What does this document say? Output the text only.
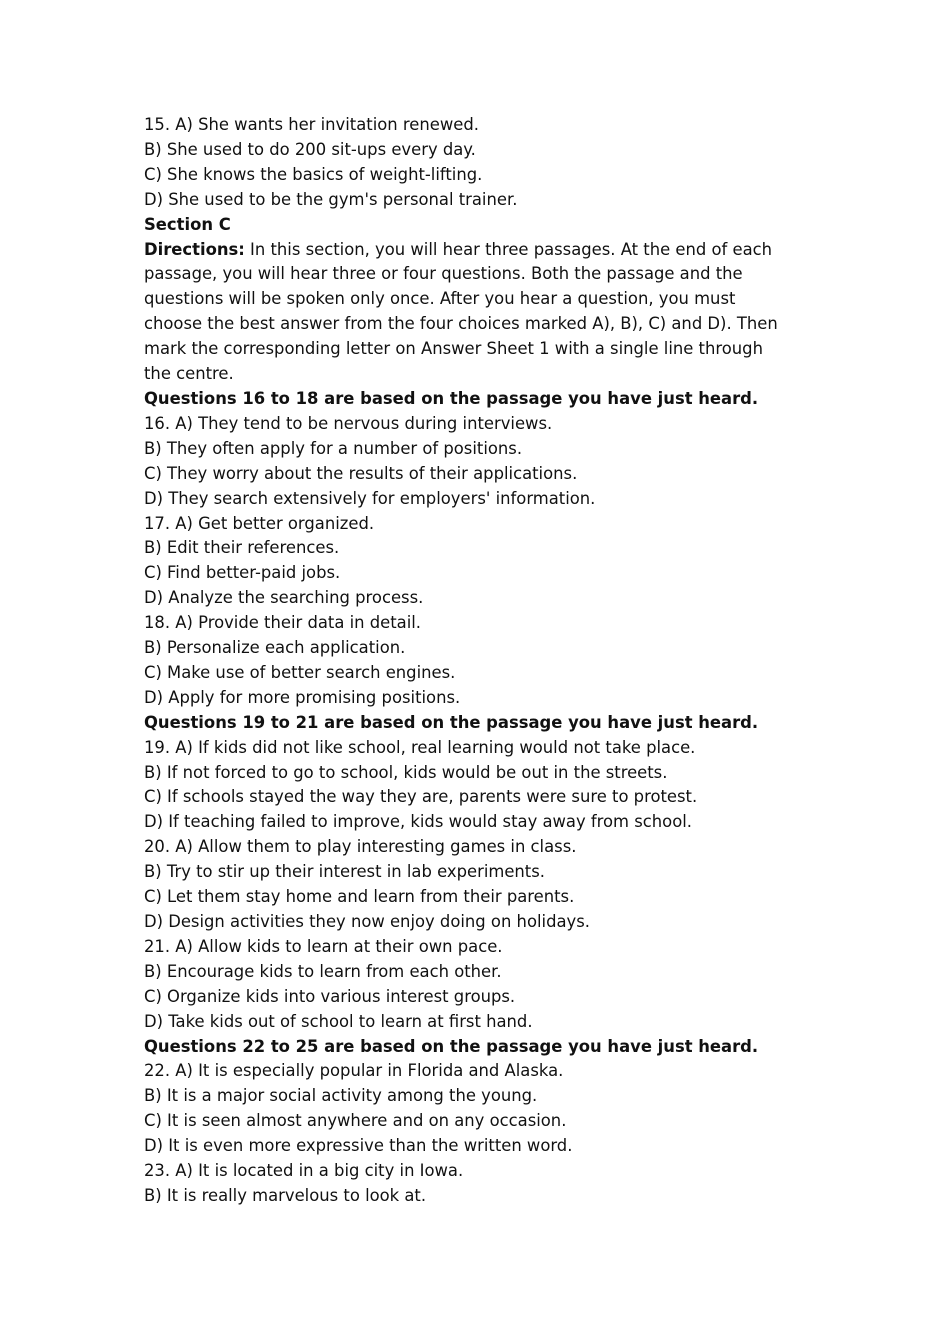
15. A) She wants her invitation renewed.
B) She used to do 200 sit-ups every day.
C) She knows the basics of weight-lifting.
D) She used to be the gym's personal trainer.
Section C
Directions: In this section, you will hear three passages. At the end of each
passage, you will hear three or four questions. Both the passage and the
questions will be spoken only once. After you hear a question, you must
choose the best answer from the four choices marked A), B), C) and D). Then
mark the corresponding letter on Answer Sheet 1 with a single line through
the centre.
Questions 16 to 18 are based on the passage you have just heard.
16. A) They tend to be nervous during interviews.
B) They often apply for a number of positions.
C) They worry about the results of their applications.
D) They search extensively for employers' information.
17. A) Get better organized.
B) Edit their references.
C) Find better-paid jobs.
D) Analyze the searching process.
18. A) Provide their data in detail.
B) Personalize each application.
C) Make use of better search engines.
D) Apply for more promising positions.
Questions 19 to 21 are based on the passage you have just heard.
19. A) If kids did not like school, real learning would not take place.
B) If not forced to go to school, kids would be out in the streets.
C) If schools stayed the way they are, parents were sure to protest.
D) If teaching failed to improve, kids would stay away from school.
20. A) Allow them to play interesting games in class.
B) Try to stir up their interest in lab experiments.
C) Let them stay home and learn from their parents.
D) Design activities they now enjoy doing on holidays.
21. A) Allow kids to learn at their own pace.
B) Encourage kids to learn from each other.
C) Organize kids into various interest groups.
D) Take kids out of school to learn at first hand.
Questions 22 to 25 are based on the passage you have just heard.
22. A) It is especially popular in Florida and Alaska.
B) It is a major social activity among the young.
C) It is seen almost anywhere and on any occasion.
D) It is even more expressive than the written word.
23. A) It is located in a big city in Iowa.
B) It is really marvelous to look at.
